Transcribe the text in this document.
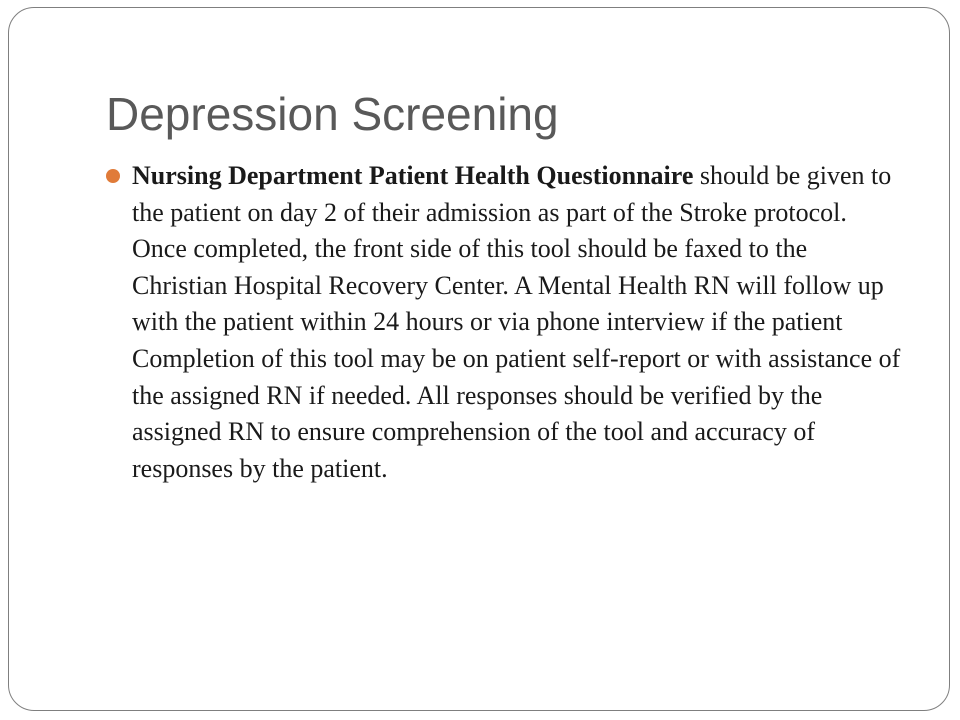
Depression Screening
Nursing Department Patient Health Questionnaire should be given to the patient on day 2 of their admission as part of the Stroke protocol. Once completed, the front side of this tool should be faxed to the Christian Hospital Recovery Center. A Mental Health RN will follow up with the patient within 24 hours or via phone interview if the patient Completion of this tool may be on patient self-report or with assistance of the assigned RN if needed. All responses should be verified by the assigned RN to ensure comprehension of the tool and accuracy of responses by the patient.
